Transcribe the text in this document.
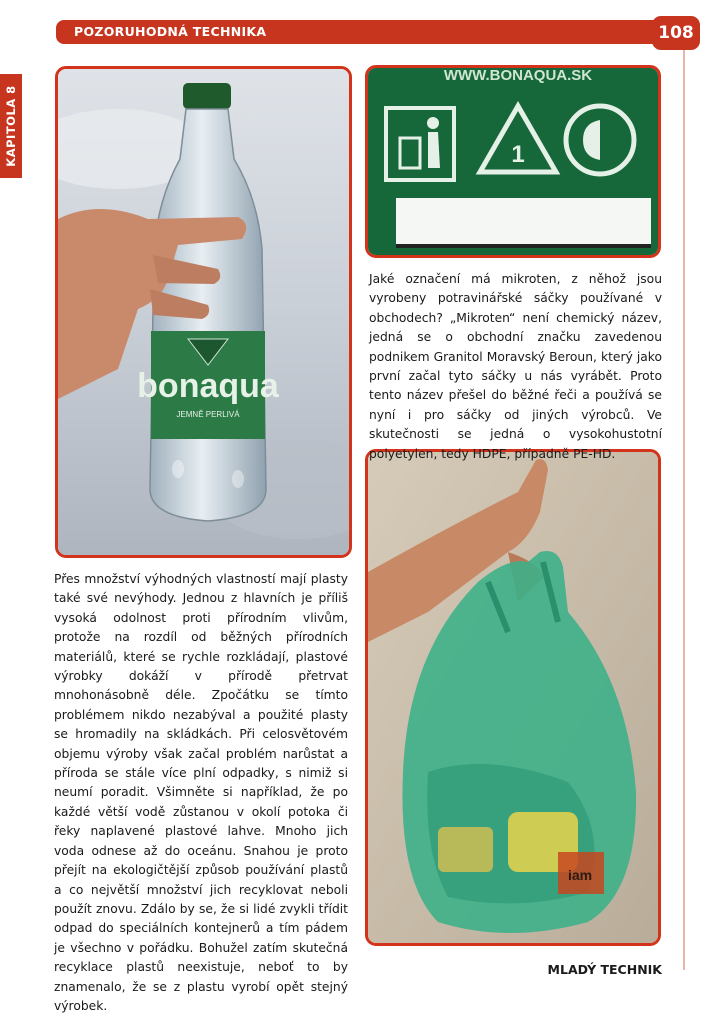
POZORUHODNÁ TECHNIKA	108
KAPITOLA 8
bonaqua
JEMNĚ PERLIVÁ
WWW.BONAQUA.SK
1
iam

Jaké označení má mikroten, z něhož jsou vyrobeny potravinářské sáčky používané v obchodech? „Mikroten“ není chemický název, jedná se o obchodní značku zavedenou podnikem Granitol Moravský Beroun, který jako první začal tyto sáčky u nás vyrábět. Proto tento název přešel do běžné řeči a používá se nyní i pro sáčky od jiných výrobců. Ve skutečnosti se jedná o vysokohustotní polyetylen, tedy HDPE, případně PE-HD.

Přes množství výhodných vlastností mají plasty také své nevýhody. Jednou z hlavních je příliš vysoká odolnost proti přírodním vlivům, protože na rozdíl od běžných přírodních materiálů, které se rychle rozkládají, plastové výrobky dokáží v přírodě přetrvat mnohonásobně déle. Zpočátku se tímto problémem nikdo nezabýval a použité plasty se hromadily na skládkách. Při celosvětovém objemu výroby však začal problém narůstat a příroda se stále více plní odpadky, s nimiž si neumí poradit. Všimněte si například, že po každé větší vodě zůstanou v okolí potoka či řeky naplavené plastové lahve. Mnoho jich voda odnese až do oceánu. Snahou je proto přejít na ekologičtější způsob používání plastů a co největší množství jich recyklovat neboli použít znovu. Zdálo by se, že si lidé zvykli třídit odpad do speciálních kontejnerů a tím pádem je všechno v pořádku. Bohužel zatím skutečná recyklace plastů neexistuje, neboť to by znamenalo, že se z plastu vyrobí opět stejný výrobek.

MLADÝ TECHNIK
